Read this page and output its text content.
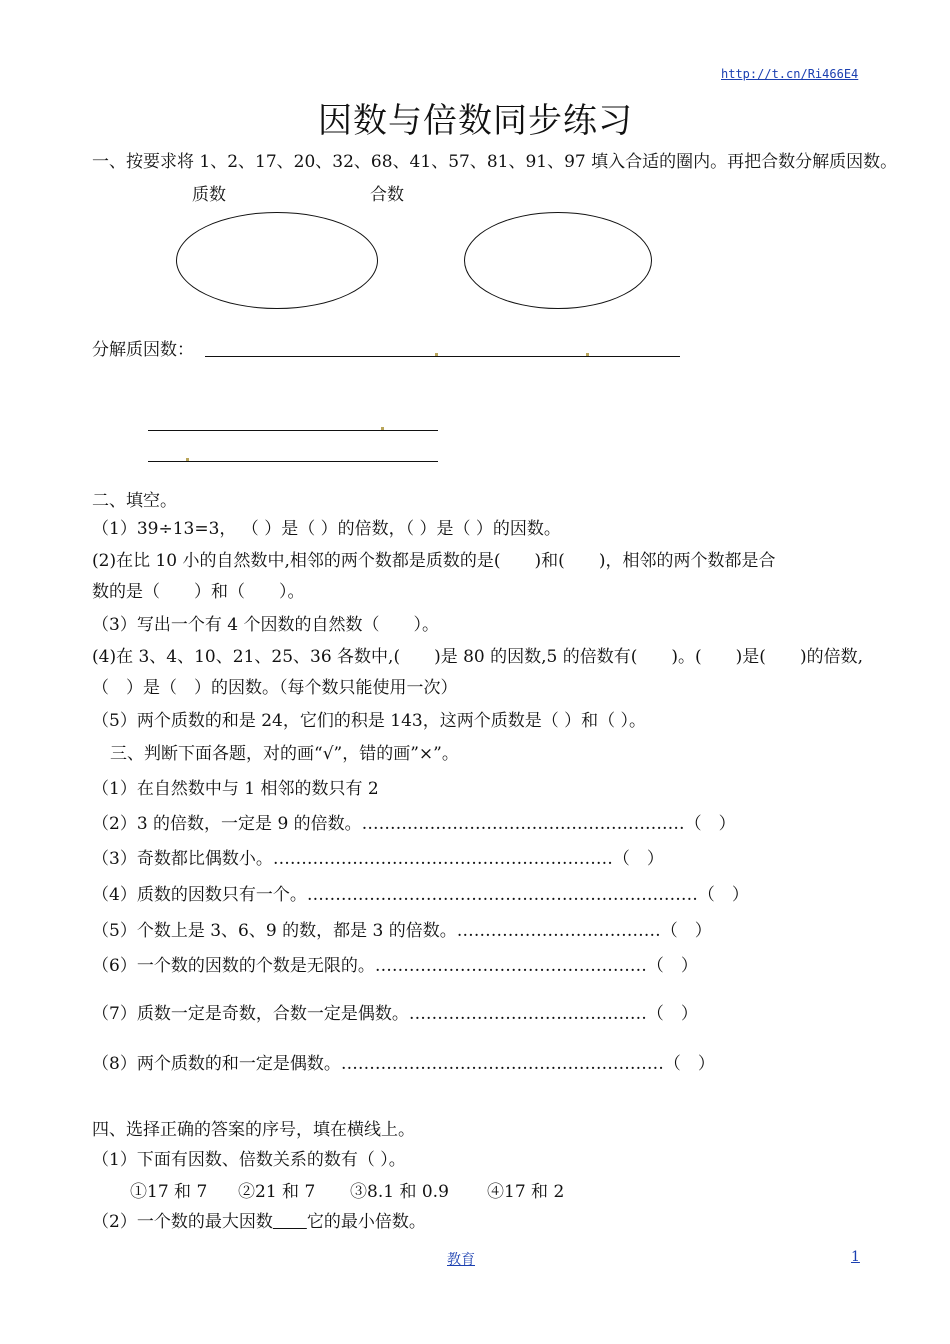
http://t.cn/Ri466E4
因数与倍数同步练习
一、按要求将 1、2、17、20、32、68、41、57、81、91、97 填入合适的圈内。再把合数分解质因数。
质数	合数
分解质因数：
二、填空。
（1）39÷13=3， （ ）是（ ）的倍数，（ ）是（ ）的因数。
(2)在比 10 小的自然数中,相邻的两个数都是质数的是(　　)和(　　)，相邻的两个数都是合
数的是（　　）和（　　）。
（3）写出一个有 4 个因数的自然数（　　）。
(4)在 3、4、10、21、25、36 各数中,(　　)是 80 的因数,5 的倍数有(　　)。(　　)是(　　)的倍数,
（　）是（　）的因数。（每个数只能使用一次）
（5）两个质数的和是 24，它们的积是 143，这两个质数是（ ）和（ ）。
三、判断下面各题，对的画“√”，错的画”×”。
（1）在自然数中与 1 相邻的数只有 2
（2）3 的倍数，一定是 9 的倍数。…………………………………………………（　）
（3）奇数都比偶数小。……………………………………………………（　）
（4）质数的因数只有一个。……………………………………………………………（　）
（5）个数上是 3、6、9 的数，都是 3 的倍数。………………………………（　）
（6）一个数的因数的个数是无限的。…………………………………………（　）
（7）质数一定是奇数，合数一定是偶数。……………………………………（　）
（8）两个质数的和一定是偶数。…………………………………………………（　）
四、选择正确的答案的序号，填在横线上。
（1）下面有因数、倍数关系的数有（ ）。
①17 和 7 ②21 和 7 ③8.1 和 0.9 ④17 和 2
（2）一个数的最大因数　　 它的最小倍数。
教育	1
